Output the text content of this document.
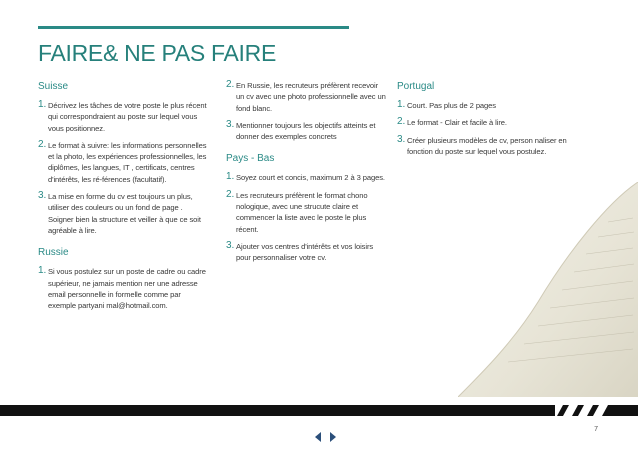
FAIRE& NE PAS FAIRE
Suisse
1. Décrivez les tâches de votre poste le plus récent qui correspondraient au poste sur lequel vous vous positionnez.
2. Le format à suivre: les informations personnelles et la photo, les expériences professionnelles, les diplômes, les langues, IT , certificats, centres d'intérêts, les ré-férences (facultatif).
3. La mise en forme du cv est toujours un plus, utiliser des couleurs ou un fond de page . Soigner bien la structure et veiller à que ce soit agréable à lire.
Russie
1. Si vous postulez sur un poste de cadre ou cadre supérieur, ne jamais mention ner une adresse email personnelle in formelle comme par exemple partyani mal@hotmail.com.
2. En Russie, les recruteurs préfèrent recevoir un cv avec une photo professionnelle avec un fond blanc.
3. Mentionner toujours les objectifs atteints et donner des exemples concrets
Pays - Bas
1. Soyez court et concis, maximum 2 à 3 pages.
2. Les recruteurs préfèrent le format chono nologique, avec une strucute claire et commencer la liste avec le poste le plus récent.
3. Ajouter vos centres d'intérêts et vos loisirs pour personnaliser votre cv.
Portugal
1. Court. Pas plus de 2 pages
2. Le format - Clair et facile à lire.
3. Créer plusieurs modèles de cv, person naliser en fonction du poste sur lequel vous postulez.
7
